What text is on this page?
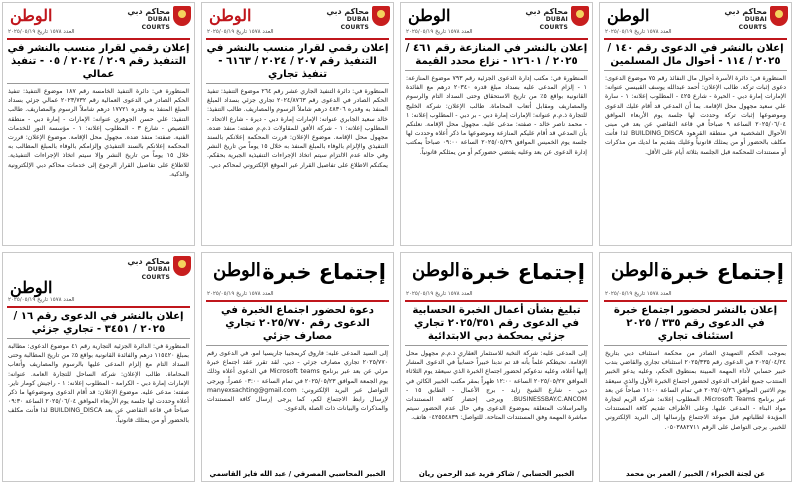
الوطن	محاكم دبي
DUBAI COURTS
العدد ١٥٧٨ تاريخ ٢٠٢٥/٠٥/١٩
إعلان بالنشر في الدعوى رقم ١٤٠ / ٢٠٢٥ / ١١٤ - أحوال مال المسلمين
المنظورة في: دائرة الأسرة أحوال مال النفائذ رقم ٧٥ موضوع الدعوى: دعوى إثبات تركة. طالب الإعلان: أحمد عبدالله يوسف القبيسي عنوانه: الإمارات إمارة دبي - الحيرة - شارع ٤٢٥ - المطلوب إعلانه: ١ - سارة علي سعيد مجهول محل الإقامة. بما أن المدعي قد أقام عليك الدعوى وموضوعها إثبات تركة وحددت لها جلسة يوم الأربعاء الموافق ٢٠٢٥/٠٦/٠٤ الساعة ٩ صباحاً في قاعة التقاضي عن بعد في مبنى الأحوال الشخصية في منطقة القرهود BUILDING_DISCA لذا فأنت مكلف بالحضور أو من يمثلك قانونياً وعليك بتقديم ما لديك من مذكرات أو مستندات للمحكمة قبل الجلسة بثلاثة أيام على الأقل.
الوطن	محاكم دبي
DUBAI COURTS
العدد ١٥٧٨ تاريخ ٢٠٢٥/٠٥/١٩
إعلان بالنشر في المنازعة رقم ٤٦١ / ٢٠٢٥ / ١٢٦٠١ - نزاع محدد القيمة
المنظورة في: مكتب إدارة الدعوى الجزئية رقم ٧٩٣ موضوع المنازعة: ١ - إلزام المدعى عليه بسداد مبلغ قدره ٢٠٣٤٠ درهم مع الفائدة القانونية بواقع ٥٪ من تاريخ الاستحقاق وحتى السداد التام والرسوم والمصاريف ومقابل أتعاب المحاماة. طالب الإعلان: شركة الخليج للتجارة ذ.م.م عنوانه: الإمارات إمارة دبي - بر دبي - المطلوب إعلانه: ١ - محمد ناصر خالد - صفته: مدعى عليه. مجهول محل الإقامة. نعلنكم بأن المدعي قد أقام عليكم المنازعة وموضوعها ما ذكر أعلاه وحددت لها جلسة يوم الخميس الموافق ٢٠٢٥/٠٥/٢٩ الساعة ٠٩:٠٠ صباحاً بمكتب إدارة الدعوى عن بعد وعليه يقتضي حضوركم أو من يمثلكم قانونياً.
الوطن	محاكم دبي
DUBAI COURTS
العدد ١٥٧٨ تاريخ ٢٠٢٥/٠٥/١٩
إعلان رقمي لقرار منسب بالنشر في التنفيذ رقم ٢٠٧ / ٢٠٢٤ / ٦١٦٣ - تنفيذ تجاري
المنظورة في: دائرة التنفيذ الجاري عشر رقم ٢٦٤ موضوع التنفيذ: تنفيذ الحكم الصادر في الدعوى رقم ٢٠٢٤/٨٧٦٣ تجاري جزئي بسداد المبلغ المنفذ به وقدره ٤٨٣٠٦ درهم شاملاً الرسوم والمصاريف. طالب التنفيذ: خالد سعيد الجابري عنوانه: الإمارات إمارة دبي - ديرة - شارع الاتحاد - المطلوب إعلانه: ١ - شركة الأفق للمقاولات ذ.م.م صفته: منفذ ضده. مجهول محل الإقامة. موضوع الإعلان: قررت المحكمة إعلانكم بالسند التنفيذي والإلزام بالوفاء بالمبلغ المنفذ به خلال ١٥ يوماً من تاريخ النشر وفي حالة عدم الالتزام سيتم اتخاذ الإجراءات التنفيذية الجبرية بحقكم. يمكنكم الاطلاع على تفاصيل القرار عبر الموقع الإلكتروني لمحاكم دبي.
الوطن	محاكم دبي
DUBAI COURTS
العدد ١٥٧٨ تاريخ ٢٠٢٥/٠٥/١٩
إعلان رقمي لقرار منسب بالنشر في التنفيذ رقم ٢٠٩ / ٢٠٢٤ / ٠٥ - تنفيذ عمالي
المنظورة في: دائرة التنفيذ الخامسة رقم ١٨٧ موضوع التنفيذ: تنفيذ الحكم الصادر في الدعوى العمالية رقم ٢٠٢٣/٧٣٢ عمالي جزئي بسداد المبلغ المنفذ به وقدره ١٧٧٢١ درهم شاملاً الرسوم والمصاريف. طالب التنفيذ: علي حسن الجوهري عنوانه: الإمارات - إمارة دبي - منطقة القصيص - شارع ٣ - المطلوب إعلانه: ١ - مؤسسة النور للخدمات الفنية. صفته: منفذ ضده. مجهول محل الإقامة. موضوع الإعلان: قررت المحكمة إعلانكم بالسند التنفيذي وإلزامكم بالوفاء بالمبلغ المطالب به خلال ١٥ يوماً من تاريخ النشر وإلا سيتم اتخاذ الإجراءات التنفيذية. للاطلاع على تفاصيل القرار الرجوع إلى خدمات محاكم دبي الإلكترونية والذكية.
إجتماع خبرة
الوطن
العدد ١٥٧٨ تاريخ ٢٠٢٥/٠٥/١٩
إعلان بالنشر لحضور اجتماع خبرة في الدعوى رقم ٣٣٥ / ٢٠٢٥ استئناف تجاري
بموجب الحكم التمهيدي الصادر من محكمة استئناف دبي بتاريخ ٢٠٢٥/٠٤/٢٤ في الدعوى رقم ٢٠٢٥/٣٣٥ استئناف تجاري والقاضي بندب خبير حسابي لأداء المهمة المبينة بمنطوق الحكم، وعليه يدعو الخبير المنتدب جميع أطراف الدعوى لحضور اجتماع الخبرة الأول والذي سيعقد يوم الاثنين الموافق ٢٠٢٥/٠٥/٢٦ في تمام الساعة ١١:٠٠ صباحاً عن بعد عبر برنامج Microsoft Teams. المطلوب إعلانه: شركة الريم لتجارة مواد البناء - المدعى عليها. وعلى الأطراف تقديم كافة المستندات المؤيدة لطلباتهم قبل موعد الاجتماع وإرسالها إلى البريد الإلكتروني للخبير. يرجى التواصل على الرقم ٠٥٠٣٨٨٢٧١١.
عن لجنة الخبراء / الخبير / العمر بن محمد
إجتماع خبرة
الوطن
العدد ١٥٧٨ تاريخ ٢٠٢٥/٠٥/١٩
تبليغ بشأن أعمال الخبرة الحسابية في الدعوى رقم ٢٠٢٥/٣٥١ تجاري جزئي بمحكمة دبي الابتدائية
إلى المدعى عليه: شركة النخبة للاستثمار العقاري ذ.م.م مجهول محل الإقامة. نحيطكم علماً بأنه قد تم ندبنا خبيراً حسابياً في الدعوى المشار إليها أعلاه، وعليه ندعوكم لحضور اجتماع الخبرة الذي سيعقد يوم الثلاثاء الموافق ٢٠٢٥/٠٥/٢٧ الساعة ١٢:٠٠ ظهراً بمقر مكتب الخبير الكائن في دبي - شارع الشيخ زايد - برج الأعمال - الطابق ١٥ - BUSINESSBAY.C.ANCOM. ويرجى إحضار كافة المستندات والمراسلات المتعلقة بموضوع الدعوى وفي حال عدم الحضور سيتم مباشرة المهمة وفق المستندات المتاحة. للتواصل: ٠٤٢٥٥٤٨٣٩ هاتف.
الخبير الحسابي / شاكر فريد عبد الرحمن ريان
إجتماع خبرة
الوطن
العدد ١٥٧٨ تاريخ ٢٠٢٥/٠٥/١٩
دعوة لحضور اجتماع الخبرة في الدعوى رقم ٢٠٢٥/٧٧٠ تجاري مصارف جزئي
إلى السيد المدعى عليه: فاروق كريمجيبا جاريسيا امو. في الدعوى رقم ٢٠٢٥/٧٧٠ تجاري مصارف جزئي - دبي. لقد تقرر عقد اجتماع خبرة مرئي عن بعد عبر برنامج Microsoft teams في الدعوى أعلاه وذلك يوم الجمعة الموافق ٢٠٢٥/٠٥/٢٣ في تمام الساعة ٠٣:٠٠ عصراً. ويرجى التواصل عبر البريد الإلكتروني: manyexsachting@gmail.com لإرسال رابط الاجتماع لكم، كما يرجى إرسال كافة المستندات والمذكرات والبيانات ذات الصلة بالدعوى.
الخبير المحاسبي المصرفي / عبد الله فايز القاسمي
محاكم دبي
DUBAI COURTS
الوطن
العدد ١٥٧٨ تاريخ ٢٠٢٥/٠٥/١٩
إعلان بالنشر في الدعوى رقم ١٦ / ٢٠٢٥ / ٣٤٥١ - تجاري جزئي
المنظورة في: الدائرة الجزئية التجارية رقم ٤١ موضوع الدعوى: مطالبة بمبلغ ١١٥٤٢٠ درهم والفائدة القانونية بواقع ٥٪ من تاريخ المطالبة وحتى السداد التام مع إلزام المدعى عليها بالرسوم والمصاريف وأتعاب المحاماة. طالب الإعلان: شركة الساحل للتجارة العامة. عنوانه: الإمارات إمارة دبي - الكرامة - المطلوب إعلانه: ١ - راجيش كومار ناير. صفته: مدعى عليه. موضوع الإعلان: قد أقام الدعوى وموضوعها ما ذكر أعلاه وحددت لها جلسة يوم الأربعاء الموافق ٢٠٢٥/٠٦/٠٤ الساعة ٠٩:٣٠ صباحاً في قاعة التقاضي عن بعد BUILDING_DISCA لذا فأنت مكلف بالحضور أو من يمثلك قانونياً.
